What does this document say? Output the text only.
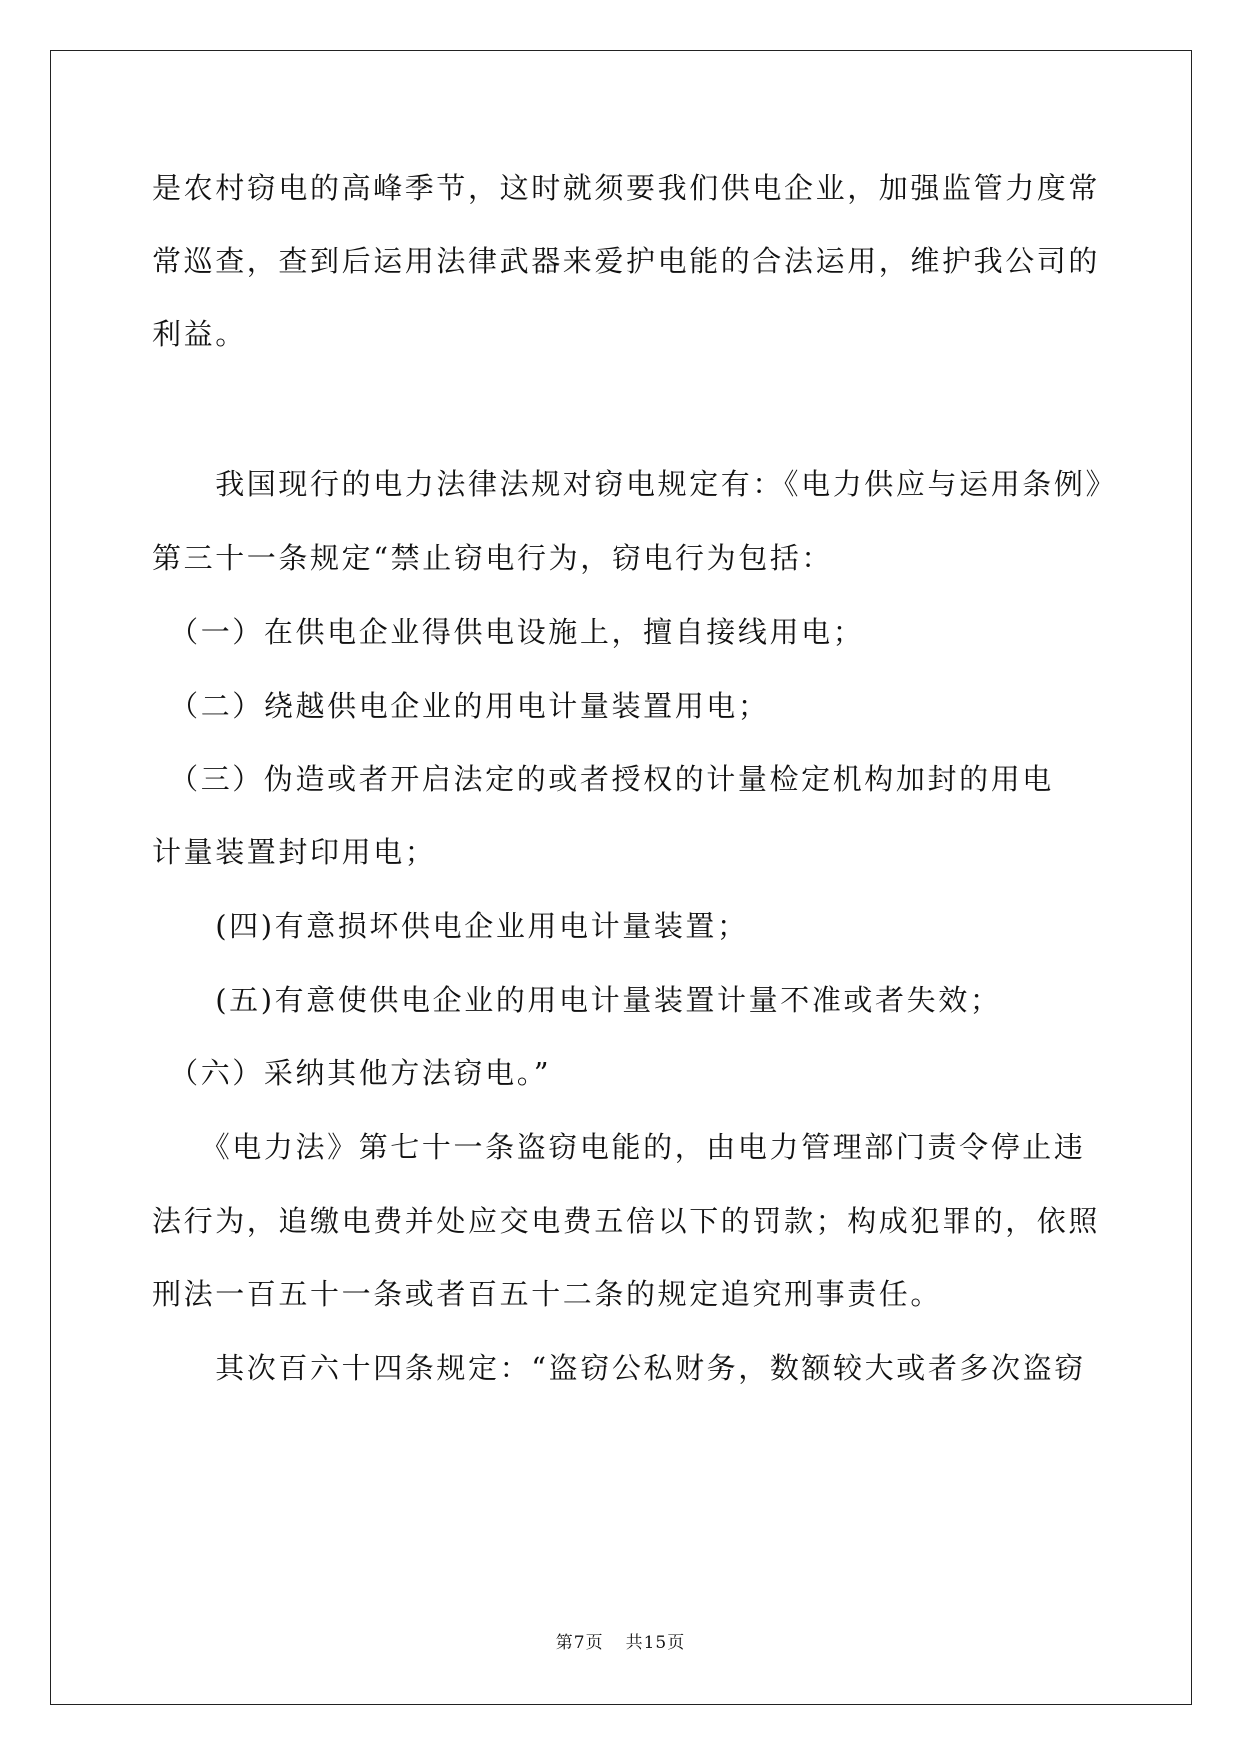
是农村窃电的高峰季节，这时就须要我们供电企业，加强监管力度常
常巡查，查到后运用法律武器来爱护电能的合法运用，维护我公司的
利益。
　　我国现行的电力法律法规对窃电规定有：《电力供应与运用条例》
第三十一条规定“禁止窃电行为，窃电行为包括：
　（一）在供电企业得供电设施上，擅自接线用电；
　（二）绕越供电企业的用电计量装置用电；
　（三）伪造或者开启法定的或者授权的计量检定机构加封的用电
计量装置封印用电；
　　(四)有意损坏供电企业用电计量装置；
　　(五)有意使供电企业的用电计量装置计量不准或者失效；
　（六）采纳其他方法窃电。”
　　《电力法》第七十一条盗窃电能的，由电力管理部门责令停止违
法行为，追缴电费并处应交电费五倍以下的罚款；构成犯罪的，依照
刑法一百五十一条或者百五十二条的规定追究刑事责任。
　　其次百六十四条规定：“盗窃公私财务，数额较大或者多次盗窃
第7页 共15页
